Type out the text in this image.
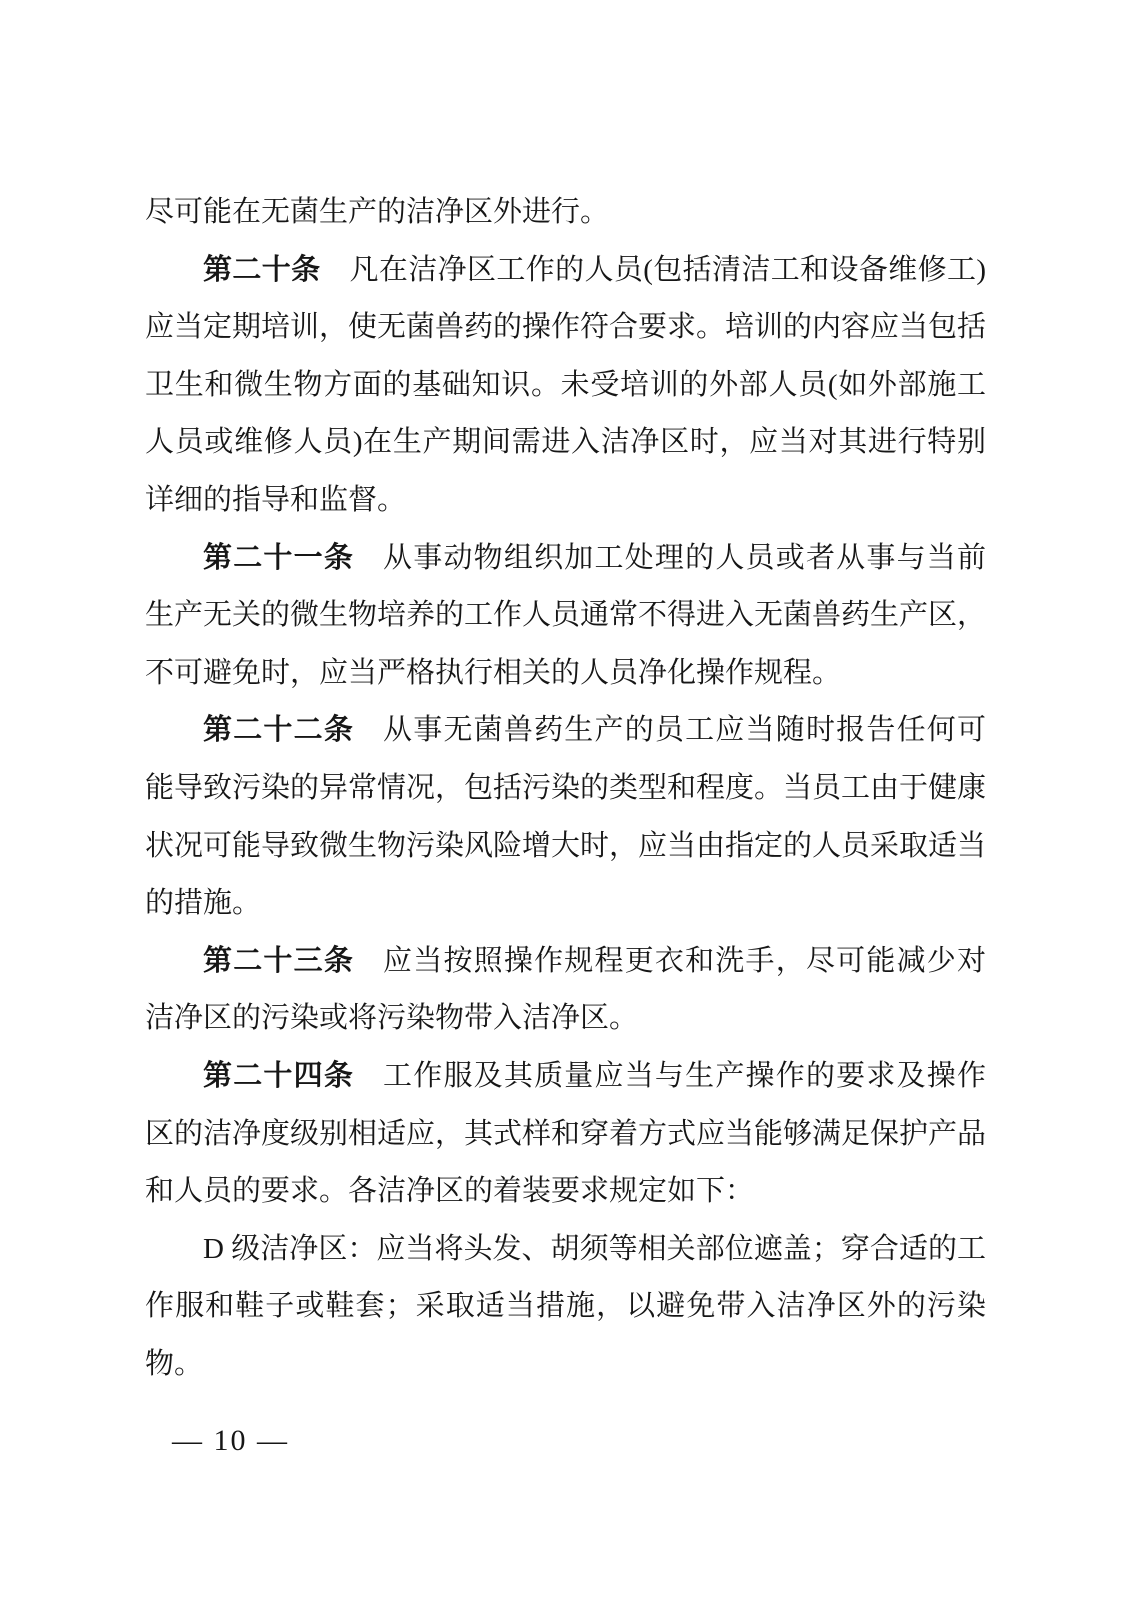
尽可能在无菌生产的洁净区外进行。

第二十条 凡在洁净区工作的人员(包括清洁工和设备维修工)应当定期培训，使无菌兽药的操作符合要求。培训的内容应当包括卫生和微生物方面的基础知识。未受培训的外部人员(如外部施工人员或维修人员)在生产期间需进入洁净区时，应当对其进行特别详细的指导和监督。

第二十一条 从事动物组织加工处理的人员或者从事与当前生产无关的微生物培养的工作人员通常不得进入无菌兽药生产区，不可避免时，应当严格执行相关的人员净化操作规程。

第二十二条 从事无菌兽药生产的员工应当随时报告任何可能导致污染的异常情况，包括污染的类型和程度。当员工由于健康状况可能导致微生物污染风险增大时，应当由指定的人员采取适当的措施。

第二十三条 应当按照操作规程更衣和洗手，尽可能减少对洁净区的污染或将污染物带入洁净区。

第二十四条 工作服及其质量应当与生产操作的要求及操作区的洁净度级别相适应，其式样和穿着方式应当能够满足保护产品和人员的要求。各洁净区的着装要求规定如下：

D 级洁净区：应当将头发、胡须等相关部位遮盖；穿合适的工作服和鞋子或鞋套；采取适当措施，以避免带入洁净区外的污染物。

— 10 —
